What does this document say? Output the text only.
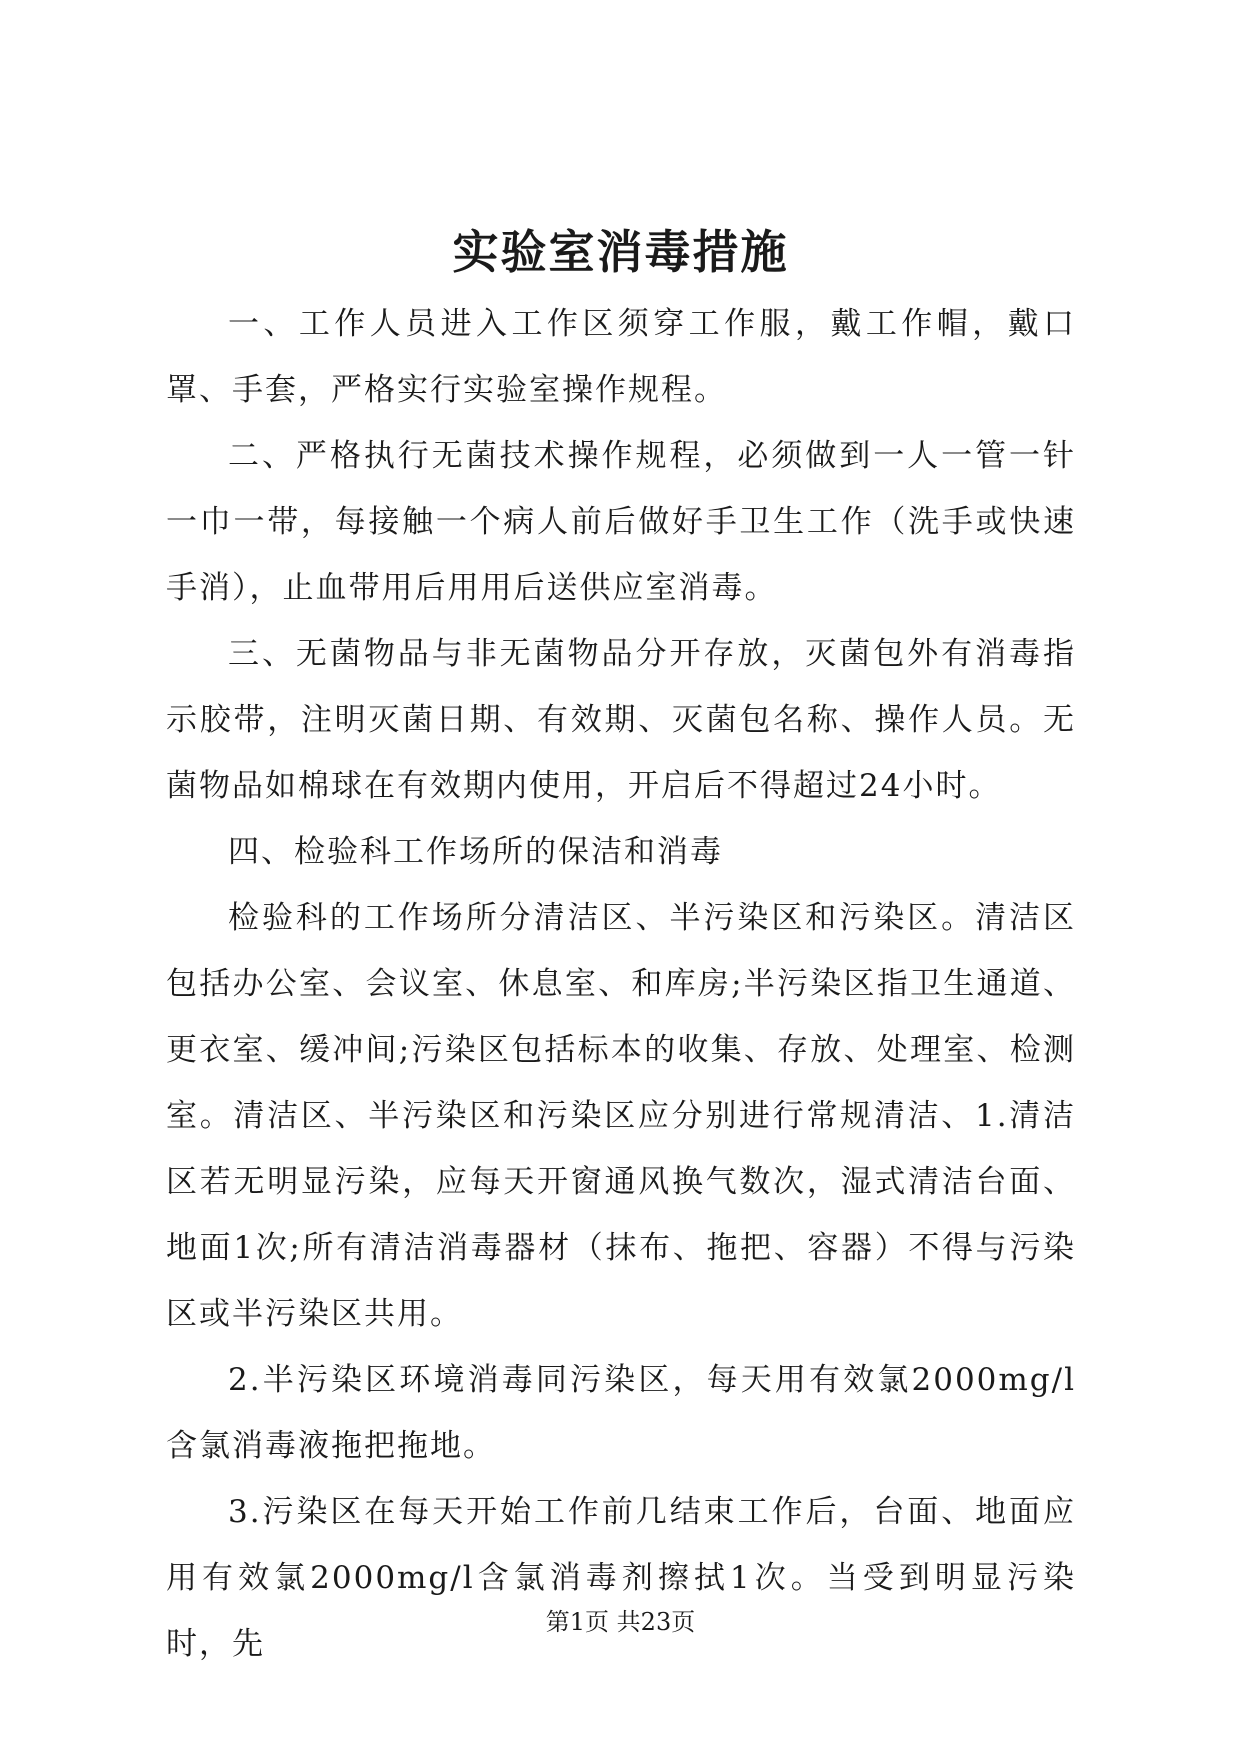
实验室消毒措施

一、工作人员进入工作区须穿工作服，戴工作帽，戴口罩、手套，严格实行实验室操作规程。

二、严格执行无菌技术操作规程，必须做到一人一管一针一巾一带，每接触一个病人前后做好手卫生工作（洗手或快速手消），止血带用后用用后送供应室消毒。

三、无菌物品与非无菌物品分开存放，灭菌包外有消毒指示胶带，注明灭菌日期、有效期、灭菌包名称、操作人员。无菌物品如棉球在有效期内使用，开启后不得超过24小时。

四、检验科工作场所的保洁和消毒

检验科的工作场所分清洁区、半污染区和污染区。清洁区包括办公室、会议室、休息室、和库房;半污染区指卫生通道、更衣室、缓冲间;污染区包括标本的收集、存放、处理室、检测室。清洁区、半污染区和污染区应分别进行常规清洁、1.清洁区若无明显污染，应每天开窗通风换气数次，湿式清洁台面、地面1次;所有清洁消毒器材（抹布、拖把、容器）不得与污染区或半污染区共用。

2.半污染区环境消毒同污染区，每天用有效氯2000mg/l含氯消毒液拖把拖地。

3.污染区在每天开始工作前几结束工作后，台面、地面应用有效氯2000mg/l含氯消毒剂擦拭1次。当受到明显污染时，先

第1页 共23页
